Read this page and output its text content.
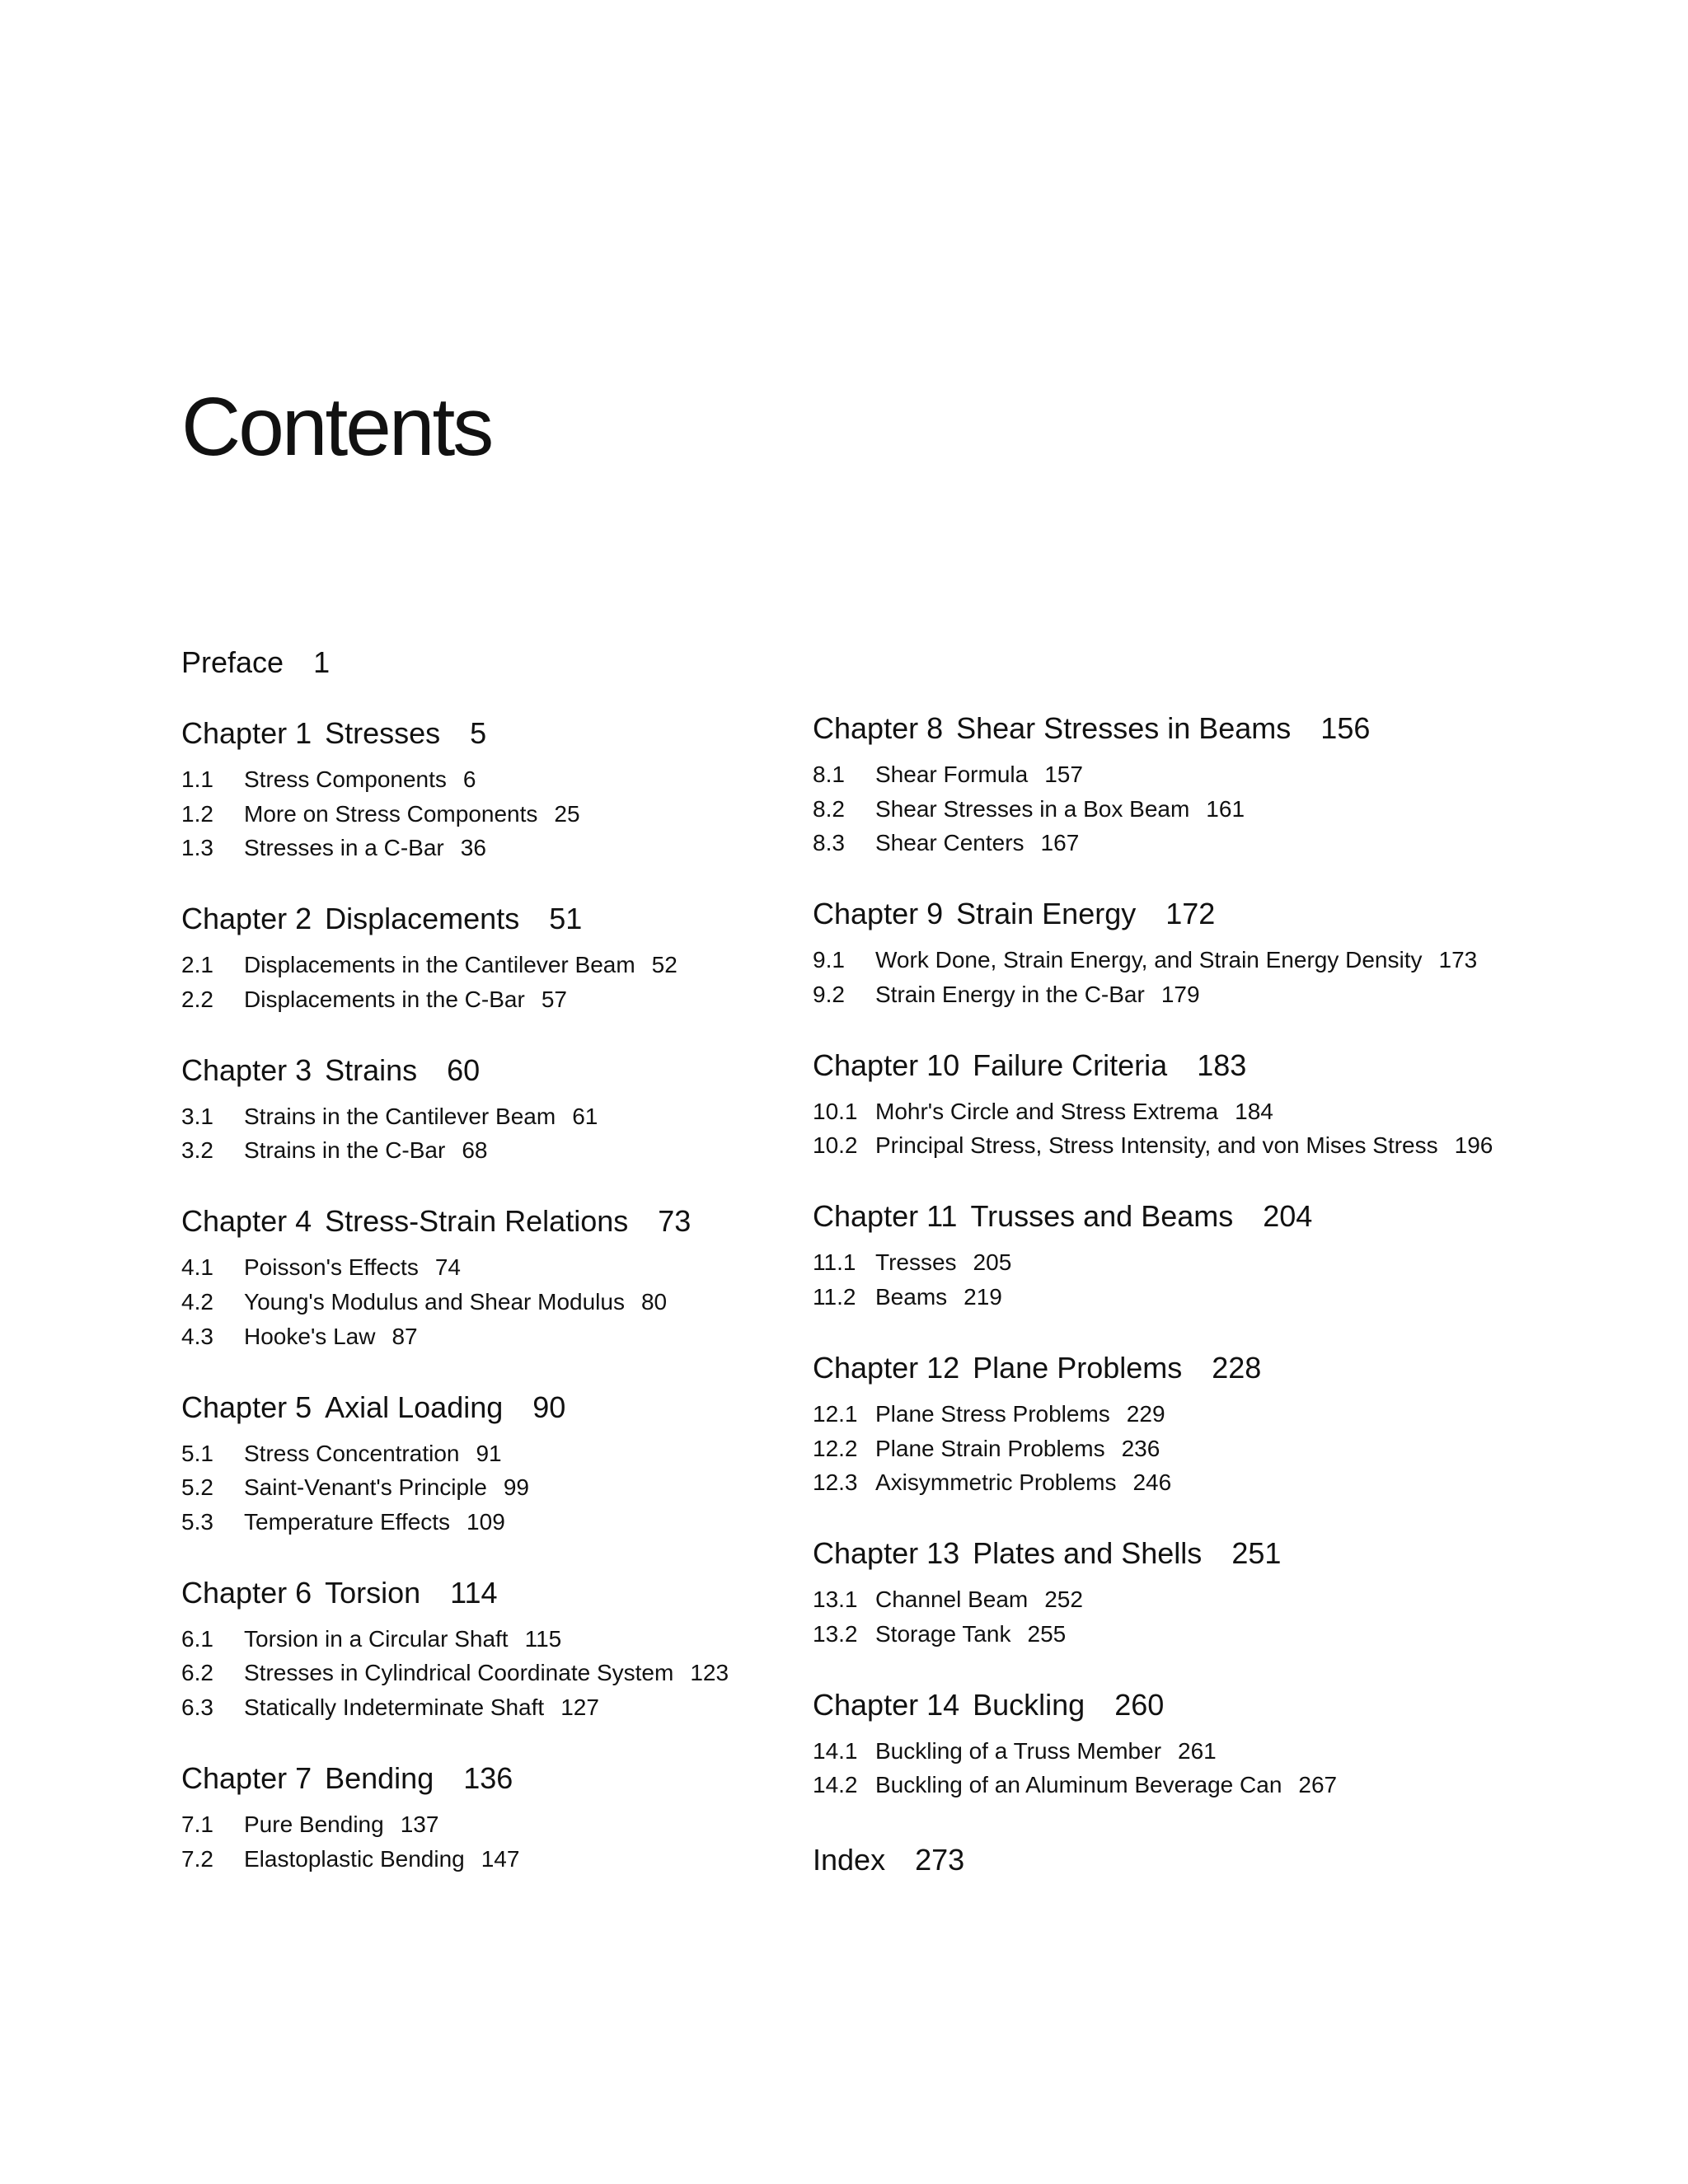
Contents
Preface 1
Chapter 1 Stresses 5
1.1 Stress Components 6
1.2 More on Stress Components 25
1.3 Stresses in a C-Bar 36
Chapter 2 Displacements 51
2.1 Displacements in the Cantilever Beam 52
2.2 Displacements in the C-Bar 57
Chapter 3 Strains 60
3.1 Strains in the Cantilever Beam 61
3.2 Strains in the C-Bar 68
Chapter 4 Stress-Strain Relations 73
4.1 Poisson's Effects 74
4.2 Young's Modulus and Shear Modulus 80
4.3 Hooke's Law 87
Chapter 5 Axial Loading 90
5.1 Stress Concentration 91
5.2 Saint-Venant's Principle 99
5.3 Temperature Effects 109
Chapter 6 Torsion 114
6.1 Torsion in a Circular Shaft 115
6.2 Stresses in Cylindrical Coordinate System 123
6.3 Statically Indeterminate Shaft 127
Chapter 7 Bending 136
7.1 Pure Bending 137
7.2 Elastoplastic Bending 147
Chapter 8 Shear Stresses in Beams 156
8.1 Shear Formula 157
8.2 Shear Stresses in a Box Beam 161
8.3 Shear Centers 167
Chapter 9 Strain Energy 172
9.1 Work Done, Strain Energy, and Strain Energy Density 173
9.2 Strain Energy in the C-Bar 179
Chapter 10 Failure Criteria 183
10.1 Mohr's Circle and Stress Extrema 184
10.2 Principal Stress, Stress Intensity, and von Mises Stress 196
Chapter 11 Trusses and Beams 204
11.1 Tresses 205
11.2 Beams 219
Chapter 12 Plane Problems 228
12.1 Plane Stress Problems 229
12.2 Plane Strain Problems 236
12.3 Axisymmetric Problems 246
Chapter 13 Plates and Shells 251
13.1 Channel Beam 252
13.2 Storage Tank 255
Chapter 14 Buckling 260
14.1 Buckling of a Truss Member 261
14.2 Buckling of an Aluminum Beverage Can 267
Index 273
